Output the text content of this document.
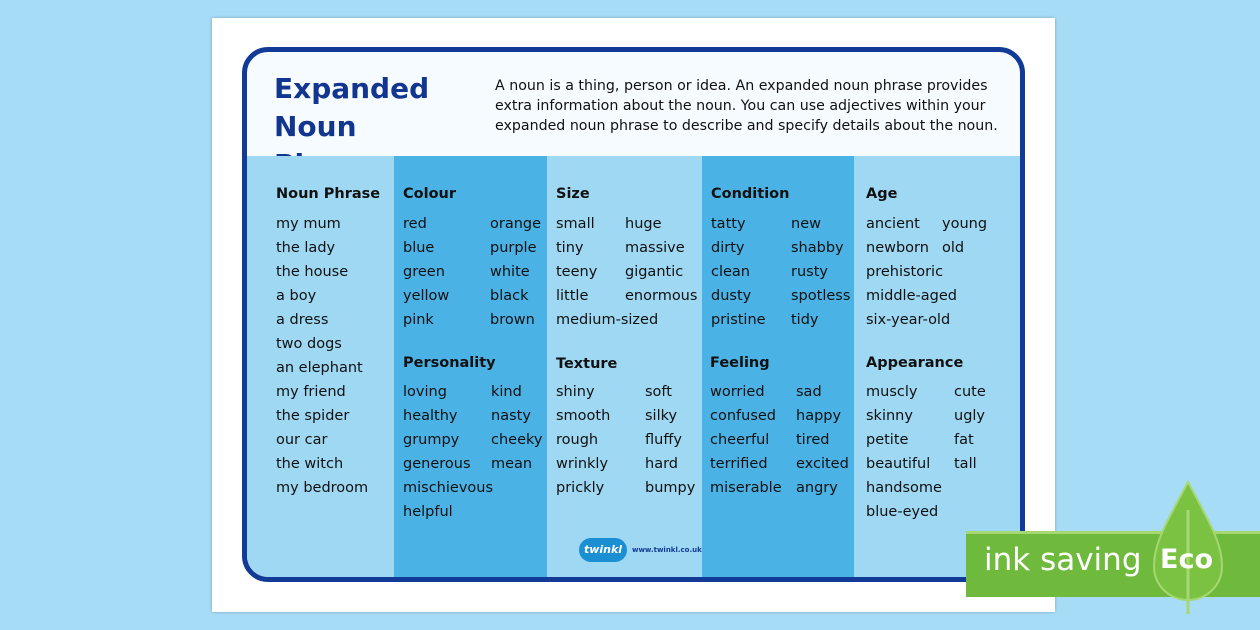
Expanded
Noun
A noun is a thing, person or idea. An expanded noun phrase provides extra information about the noun. You can use adjectives within your expanded noun phrase to describe and specify details about the noun.
Noun Phrase
my mum
the lady
the house
a boy
a dress
two dogs
an elephant
my friend
the spider
our car
the witch
my bedroom
Colour
red
blue
green
yellow
pink
orange
purple
white
black
brown
Personality
loving
healthy
grumpy
generous
mischievous
helpful
kind
nasty
cheeky
mean
Size
small
tiny
teeny
little
medium-sized
huge
massive
gigantic
enormous
Texture
shiny
smooth
rough
wrinkly
prickly
soft
silky
fluffy
hard
bumpy
Condition
tatty
dirty
clean
dusty
pristine
new
shabby
rusty
spotless
tidy
Feeling
worried
confused
cheerful
terrified
miserable
sad
happy
tired
excited
angry
Age
ancient
newborn
prehistoric
middle-aged
six-year-old
young
old
Appearance
muscly
skinny
petite
beautiful
handsome
blue-eyed
cute
ugly
fat
tall
twinkl	www.twinkl.co.uk	ink saving Eco
